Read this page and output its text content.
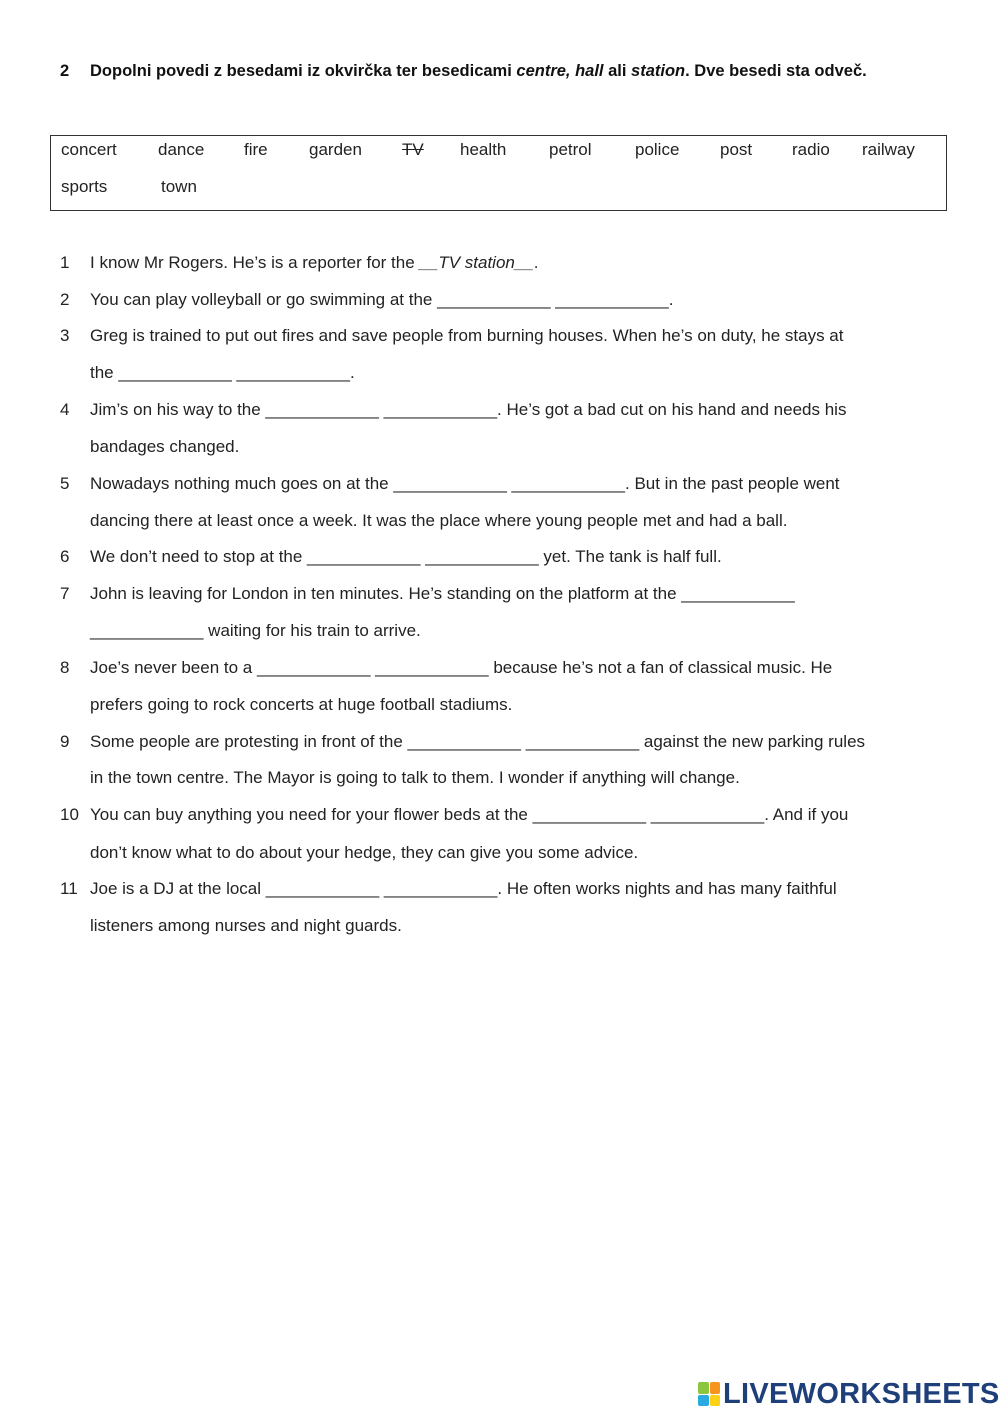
2 Dopolni povedi z besedami iz okvirčka ter besedicami centre, hall ali station. Dve besedi sta odveč.
concert dance fire garden TV health	petrol	police post radio railway
sports	town
1 I know Mr Rogers. He’s is a reporter for the __TV station__.
2 You can play volleyball or go swimming at the ____________ ____________.
3 Greg is trained to put out fires and save people from burning houses. When he’s on duty, he stays at
the ____________ ____________.
4 Jim’s on his way to the ____________ ____________. He’s got a bad cut on his hand and needs his
bandages changed.
5 Nowadays nothing much goes on at the ____________ ____________. But in the past people went
dancing there at least once a week. It was the place where young people met and had a ball.
6 We don’t need to stop at the ____________ ____________ yet. The tank is half full.
7 John is leaving for London in ten minutes. He’s standing on the platform at the ____________
____________ waiting for his train to arrive.
8 Joe’s never been to a ____________ ____________ because he’s not a fan of classical music. He
prefers going to rock concerts at huge football stadiums.
9 Some people are protesting in front of the ____________ ____________ against the new parking rules
in the town centre. The Mayor is going to talk to them. I wonder if anything will change.
10 You can buy anything you need for your flower beds at the ____________ ____________. And if you
don’t know what to do about your hedge, they can give you some advice.
11 Joe is a DJ at the local ____________ ____________. He often works nights and has many faithful
listeners among nurses and night guards.
LIVEWORKSHEETS
